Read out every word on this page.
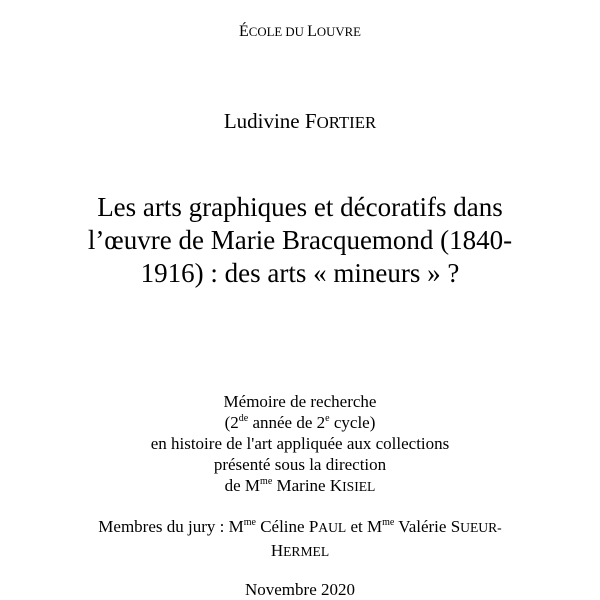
ÉCOLE DU LOUVRE
Ludivine FORTIER
Les arts graphiques et décoratifs dans
l’œuvre de Marie Bracquemond (1840-
1916) : des arts « mineurs » ?
Mémoire de recherche
(2de année de 2e cycle)
en histoire de l'art appliquée aux collections
présenté sous la direction
de $M^{me}$ Marine KISIEL
Membres du jury : $M^{me}$ Céline PAUL et $M^{me}$ Valérie SUEUR-
HERMEL
Novembre 2020
